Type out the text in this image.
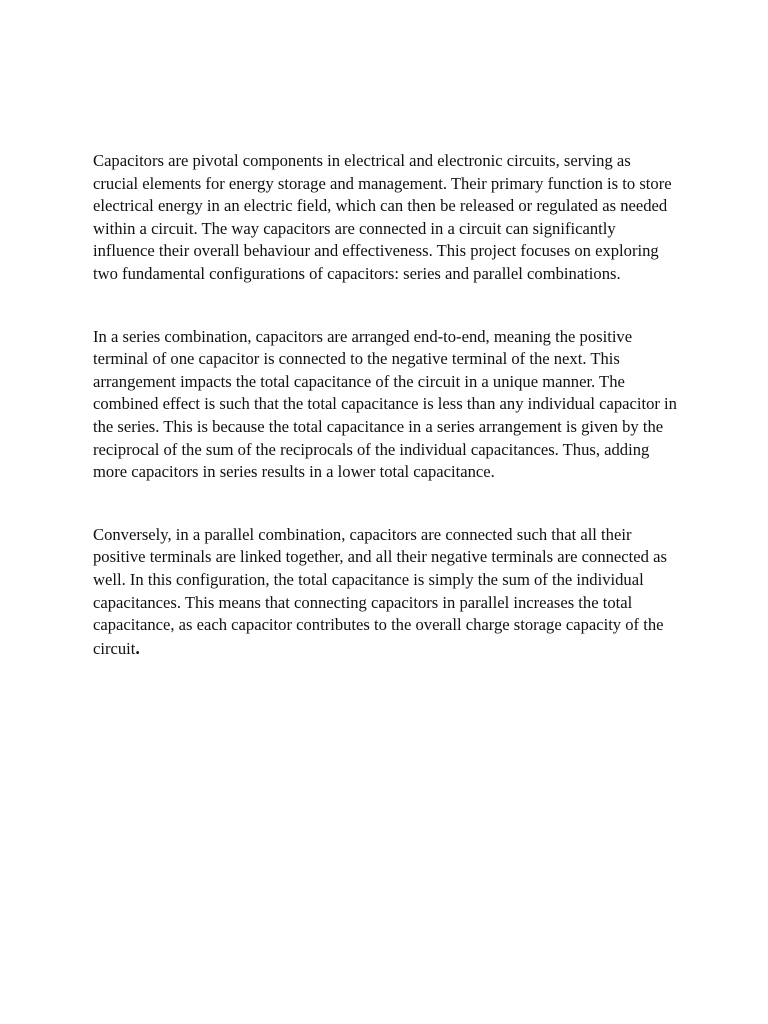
Capacitors are pivotal components in electrical and electronic circuits, serving as crucial elements for energy storage and management. Their primary function is to store electrical energy in an electric field, which can then be released or regulated as needed within a circuit. The way capacitors are connected in a circuit can significantly influence their overall behaviour and effectiveness. This project focuses on exploring two fundamental configurations of capacitors: series and parallel combinations.

In a series combination, capacitors are arranged end-to-end, meaning the positive terminal of one capacitor is connected to the negative terminal of the next. This arrangement impacts the total capacitance of the circuit in a unique manner. The combined effect is such that the total capacitance is less than any individual capacitor in the series. This is because the total capacitance in a series arrangement is given by the reciprocal of the sum of the reciprocals of the individual capacitances. Thus, adding more capacitors in series results in a lower total capacitance.

Conversely, in a parallel combination, capacitors are connected such that all their positive terminals are linked together, and all their negative terminals are connected as well. In this configuration, the total capacitance is simply the sum of the individual capacitances. This means that connecting capacitors in parallel increases the total capacitance, as each capacitor contributes to the overall charge storage capacity of the circuit.
